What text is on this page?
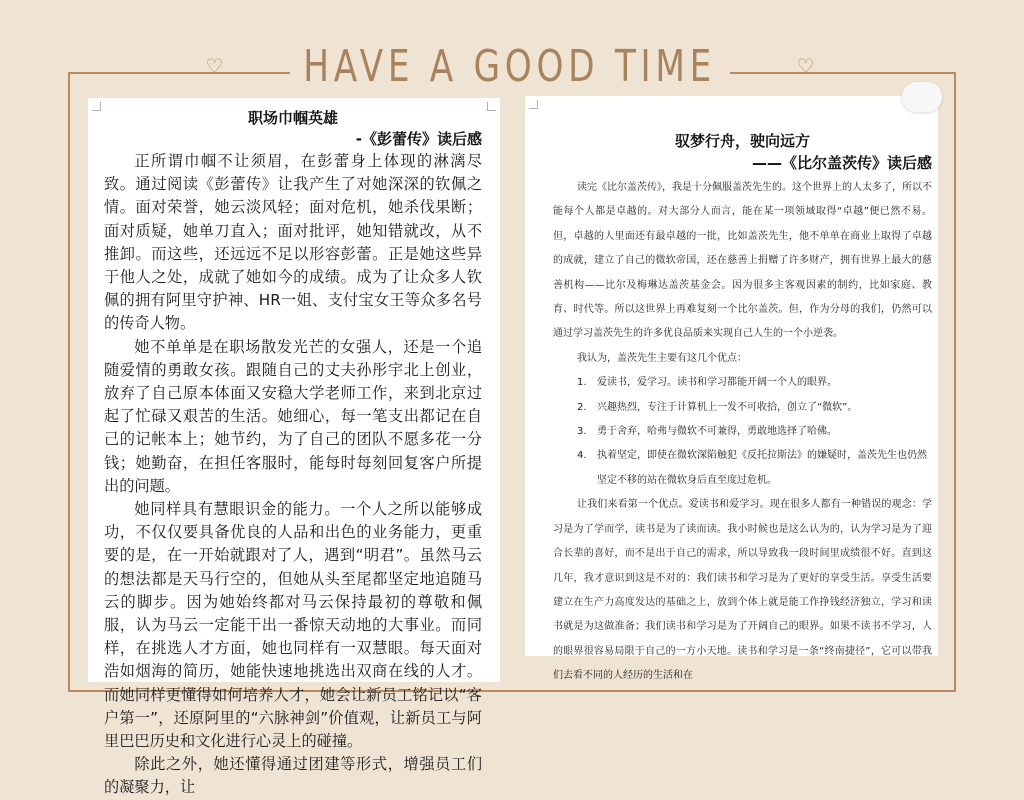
♡ HAVE A GOOD TIME	♡
职场巾帼英雄
-《彭蕾传》读后感

正所谓巾帼不让须眉，在彭蕾身上体现的淋漓尽致。通过阅读《彭蕾传》让我产生了对她深深的钦佩之情。面对荣誉，她云淡风轻；面对危机，她杀伐果断；面对质疑，她单刀直入；面对批评，她知错就改，从不推卸。而这些，还远远不足以形容彭蕾。正是她这些异于他人之处，成就了她如今的成绩。成为了让众多人钦佩的拥有阿里守护神、HR一姐、支付宝女王等众多名号的传奇人物。

她不单单是在职场散发光芒的女强人，还是一个追随爱情的勇敢女孩。跟随自己的丈夫孙彤宇北上创业，放弃了自己原本体面又安稳大学老师工作，来到北京过起了忙碌又艰苦的生活。她细心，每一笔支出都记在自己的记帐本上；她节约，为了自己的团队不愿多花一分钱；她勤奋，在担任客服时，能每时每刻回复客户所提出的问题。

她同样具有慧眼识金的能力。一个人之所以能够成功，不仅仅要具备优良的人品和出色的业务能力，更重要的是，在一开始就跟对了人，遇到“明君”。虽然马云的想法都是天马行空的，但她从头至尾都坚定地追随马云的脚步。因为她始终都对马云保持最初的尊敬和佩服，认为马云一定能干出一番惊天动地的大事业。而同样，在挑选人才方面，她也同样有一双慧眼。每天面对浩如烟海的简历，她能快速地挑选出双商在线的人才。而她同样更懂得如何培养人才，她会让新员工铭记以“客户第一”，还原阿里的“六脉神剑”价值观，让新员工与阿里巴巴历史和文化进行心灵上的碰撞。

除此之外，她还懂得通过团建等形式，增强员工们的凝聚力，让

驭梦行舟，驶向远方
——《比尔盖茨传》读后感

读完《比尔盖茨传》，我是十分佩服盖茨先生的。这个世界上的人太多了，所以不能每个人都是卓越的。对大部分人而言，能在某一项领域取得“卓越”便已然不易。但，卓越的人里面还有最卓越的一批，比如盖茨先生，他不单单在商业上取得了卓越的成就，建立了自己的微软帝国，还在慈善上捐赠了许多财产，拥有世界上最大的慈善机构——比尔及梅琳达盖茨基金会。因为很多主客观因素的制约，比如家庭、教育、时代等。所以这世界上再难复刻一个比尔盖茨。但，作为分母的我们，仍然可以通过学习盖茨先生的许多优良品质来实现自己人生的一个小逆袭。

我认为，盖茨先生主要有这几个优点：

1.	爱读书，爱学习。读书和学习都能开阔一个人的眼界。
2.	兴趣热烈，专注于计算机上一发不可收拾，创立了“微软”。
3.	勇于舍弃，哈弗与微软不可兼得，勇敢地选择了哈佛。
4.	执着坚定，即使在微软深陷触犯《反托拉斯法》的嫌疑时，盖茨先生也仍然坚定不移的站在微软身后直至度过危机。

让我们来看第一个优点。爱读书和爱学习。现在很多人都有一种错误的观念：学习是为了学而学，读书是为了读而读。我小时候也是这么认为的，认为学习是为了迎合长辈的喜好，而不是出于自己的需求，所以导致我一段时间里成绩很不好。直到这几年，我才意识到这是不对的：我们读书和学习是为了更好的享受生活。享受生活要建立在生产力高度发达的基础之上，放到个体上就是能工作挣钱经济独立，学习和读书就是为这做准备；我们读书和学习是为了开阔自己的眼界。如果不读书不学习，人的眼界很容易局限于自己的一方小天地。读书和学习是一条“终南捷径”，它可以带我们去看不同的人经历的生活和在
